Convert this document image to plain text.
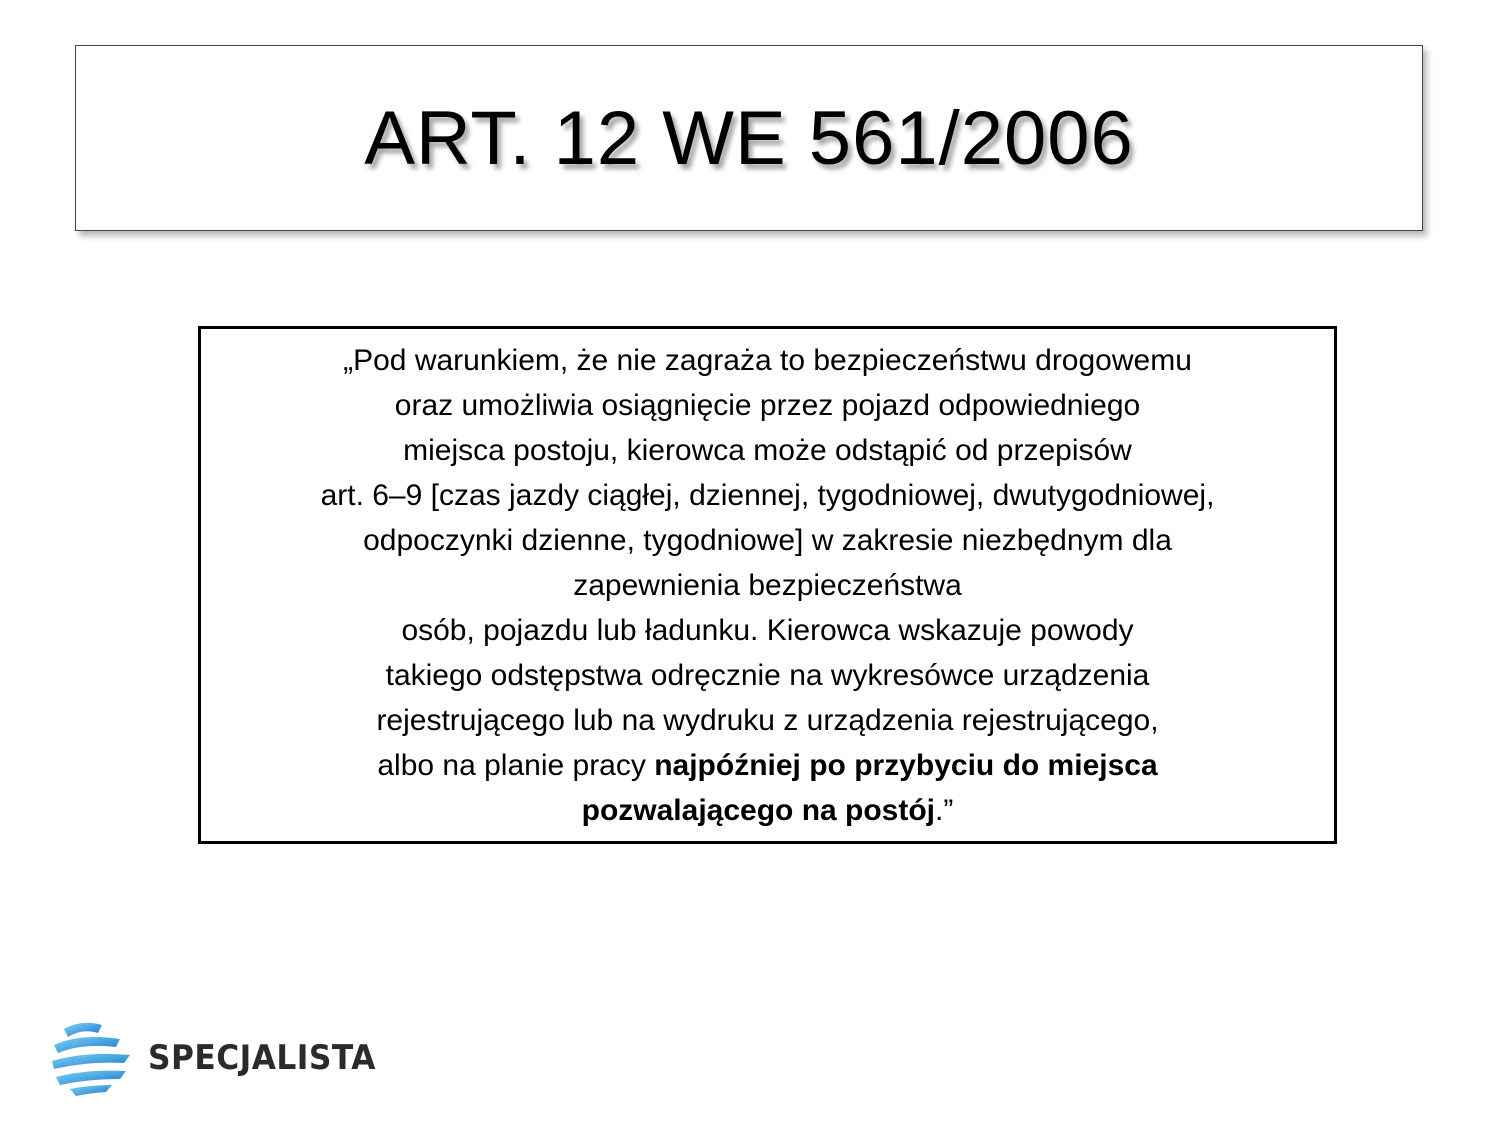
ART. 12 WE 561/2006
„Pod warunkiem, że nie zagraża to bezpieczeństwu drogowemu
oraz umożliwia osiągnięcie przez pojazd odpowiedniego
miejsca postoju, kierowca może odstąpić od przepisów
art. 6–9 [czas jazdy ciągłej, dziennej, tygodniowej, dwutygodniowej,
odpoczynki dzienne, tygodniowe] w zakresie niezbędnym dla
zapewnienia bezpieczeństwa
osób, pojazdu lub ładunku. Kierowca wskazuje powody
takiego odstępstwa odręcznie na wykresówce urządzenia
rejestrującego lub na wydruku z urządzenia rejestrującego,
albo na planie pracy najpóźniej po przybyciu do miejsca
pozwalającego na postój.”
SPECJALISTA
